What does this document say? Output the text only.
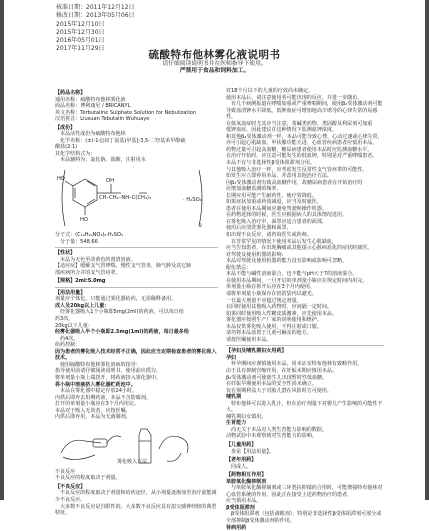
核准日期：2011年12月12日
修改日期：2013年05月06日
2015年12月10日
2015年12月30日
2016年05月01日
2017年11月29日
硫酸特布他林雾化液说明书
请仔细阅读说明书并在医师指导下使用。
严禁用于食品和饲料加工。
【药品名称】
通用名称：硫酸特布他林雾化液
商品名称：博利康尼 / BRICANYL
英文名称：Terbutaline Sulphate Solution for Nebulization
汉语拼音：Liusuan Tebutalin Wuhuaye
【成份】
本品活性成份为硫酸特布他林
化学名称：(±)-1-[(叔丁氨基)甲基]-3,5-二羟基苯甲醇硫
酸盐(2:1)
其化学结构式为：
本品辅料为：氯化钠、盐酸、注射用水
HO
HO
OH
CH–CH₂–NH–C(CH₃)₃
2
· H₂SO₄
分子式：(C₁₂H₁₉NO₃)₂·H₂SO₄
分子量：548.66
【性状】
本品为无色至淡黄色的澄清溶液。
【适应症】缓解支气管哮喘、慢性支气管炎、肺气肿及其它肺
部疾病所合并的支气管痉挛。
【规格】2ml:5.0mg
【用法用量】
剂量应个体化。只能通过雾化器给药，无需稀释备用。
成人及20kg以上儿童：
经雾化器吸入1个小瓶即5mg(2ml)的药液，可以每日给
药3次。
20kg以下儿童：
经雾化器吸入半个小瓶即2.5mg(1ml)的药液，每日最多给
药4次。
给药控制：
因为患者的雾化吸入技术经常不正确，因此应当定期检查患者的雾化吸入技术。
使用硫酸特布他林雾化溶液的指导：
指导使用前请仔细阅读说明书，使用前应摇匀。
将单剂量小瓶上端扭开，将药液挤入雾化器中。
将小瓶中溶液挤入雾化器贮药池中。
本品在雾化器中稳定存放24小时。
内供后即弃去用剩药液，本品不含防腐剂。
打开的单剂量小瓶应在3个月内用完。
本品对于吸入无效者，应按医嘱。
内供后即弃用，本品为无菌制剂，
雾化吸入方法
不良反应
不良反应的程度取决于剂量。
【不良反应】
不良反应的程度取决于剂量和给药途径，从小剂量逐渐加至治疗量能减少不良反应。
大多数不良反应是自限性的。大多数不良反应具有拟交感神经胺的典型特征。
对18个月以下的儿童的疗效尚未确定。
使用本品后，请注意使用者可能出现的反应，并进一步随访。
有几个病例报道在哮喘加重或严重哮喘期间，使用β₂受体激动剂可能
导致血清钾水平降低。低钾血症可增加地高辛诱导的心律失常的易感性。
在低氧血症时尤其应当注意，茶碱类药物、类固醇及利尿剂可加重
低钾血症，因此建议在这种情况下监测血钾浓度。
和其他β₂受体激动剂一样，本品可能导致心悸、心动过速或心律失常，
亦可引起心肌缺血，甲状腺功能亢进、心血管疾病患者应慎用本品。
药物过量可引起高血糖，糖尿病患者使用本品时应监测血糖水平。
在治疗开始时，应注意可能发生的低血钾，特别是对严重哮喘患者。
本品不宜与非选择性β受体阻滞剂合用。
与其他吸入治疗一样，应考虑发生反常性支气管痉挛的可能性，
如发生应立即停用本品，并改用其他治疗方法。
因β₂受体激动剂有致高血糖作用，故糖尿病患者在开始治疗时
应增加血糖监测的频率。
长期应用可能产生耐药性，使疗效降低。
如果症状加重或药效减退，应当及时就医。
患者在使用本品期间应避免驾驶和操作机器。
在药物选择的时候，医生应根据病人的具体情况选用。
在雾化吸入治疗中，面罩应适合患者的面部，
使用后应清洗雾化器和面罩。
如出现不良反应，请咨询医生或药师。
在非常罕见的情况下使用本品后发生心肌缺血，
应当告知患者，在出现胸痛或其他提示心脏病恶化的症状时就医。
对驾驶及使用机器的影响：
本品对驾驶及使用机器的能力没有影响或影响可忽略。
配伍禁忌：
本品不能与碱性溶液混合，也不能与pH大于7的溶液混合。
在使用本品期间，一旦开启的单剂量小瓶应在规定时间内用完。
单剂量小瓶在拆开后应在3个月内使用，
请将单剂量小瓶保存在铝箔袋内以避光。
一日最大剂量不应超过规定剂量。
在同时使用其他吸入药物时，应间隔一定时间。
如果同时使用吸入性糖皮质激素，应先使用本品。
雾化器应按照生产厂家的说明使用和维护。
本品仅供雾化吸入使用，不得注射或口服。
请勿将本品放置于儿童可触及的地方。
请按医嘱使用本品。
【孕妇及哺乳期妇女用药】
孕妇
怀孕期间应谨慎使用本品。尚未证实特布他林有致畸作用。
由于具有抑制宫缩作用，在妊娠末期应慎用本品。
β₂受体激动剂可使新生儿出现暂时性低血糖。
在妊娠早期使用本品的安全性尚未确立。
仅在预期利益大于对胎儿潜在风险时方可使用。
哺乳期
特布他林可以进入乳汁，但在治疗剂量下对婴儿产生影响的可能性不大。
哺乳期妇女慎用。
生育能力
尚无关于本品对人类生育能力影响的数据。
动物试验中未观察到对生育能力的影响。
【儿童用药】
参见【用法用量】。
【老年用药】
同成人。
【药物相互作用】
单胺氧化酶抑制剂
与单胺氧化酶抑制剂或三环类抗抑郁药合用时，可能增强特布他林对
心血管系统的作用，因此正在接受上述药物治疗的患者，
应当慎用本品。
β受体阻滞剂
β受体阻滞剂（包括滴眼剂），特别是非选择性β受体阻滞剂可部分或全部抑制β受体激动剂的作用。
肾病用药
